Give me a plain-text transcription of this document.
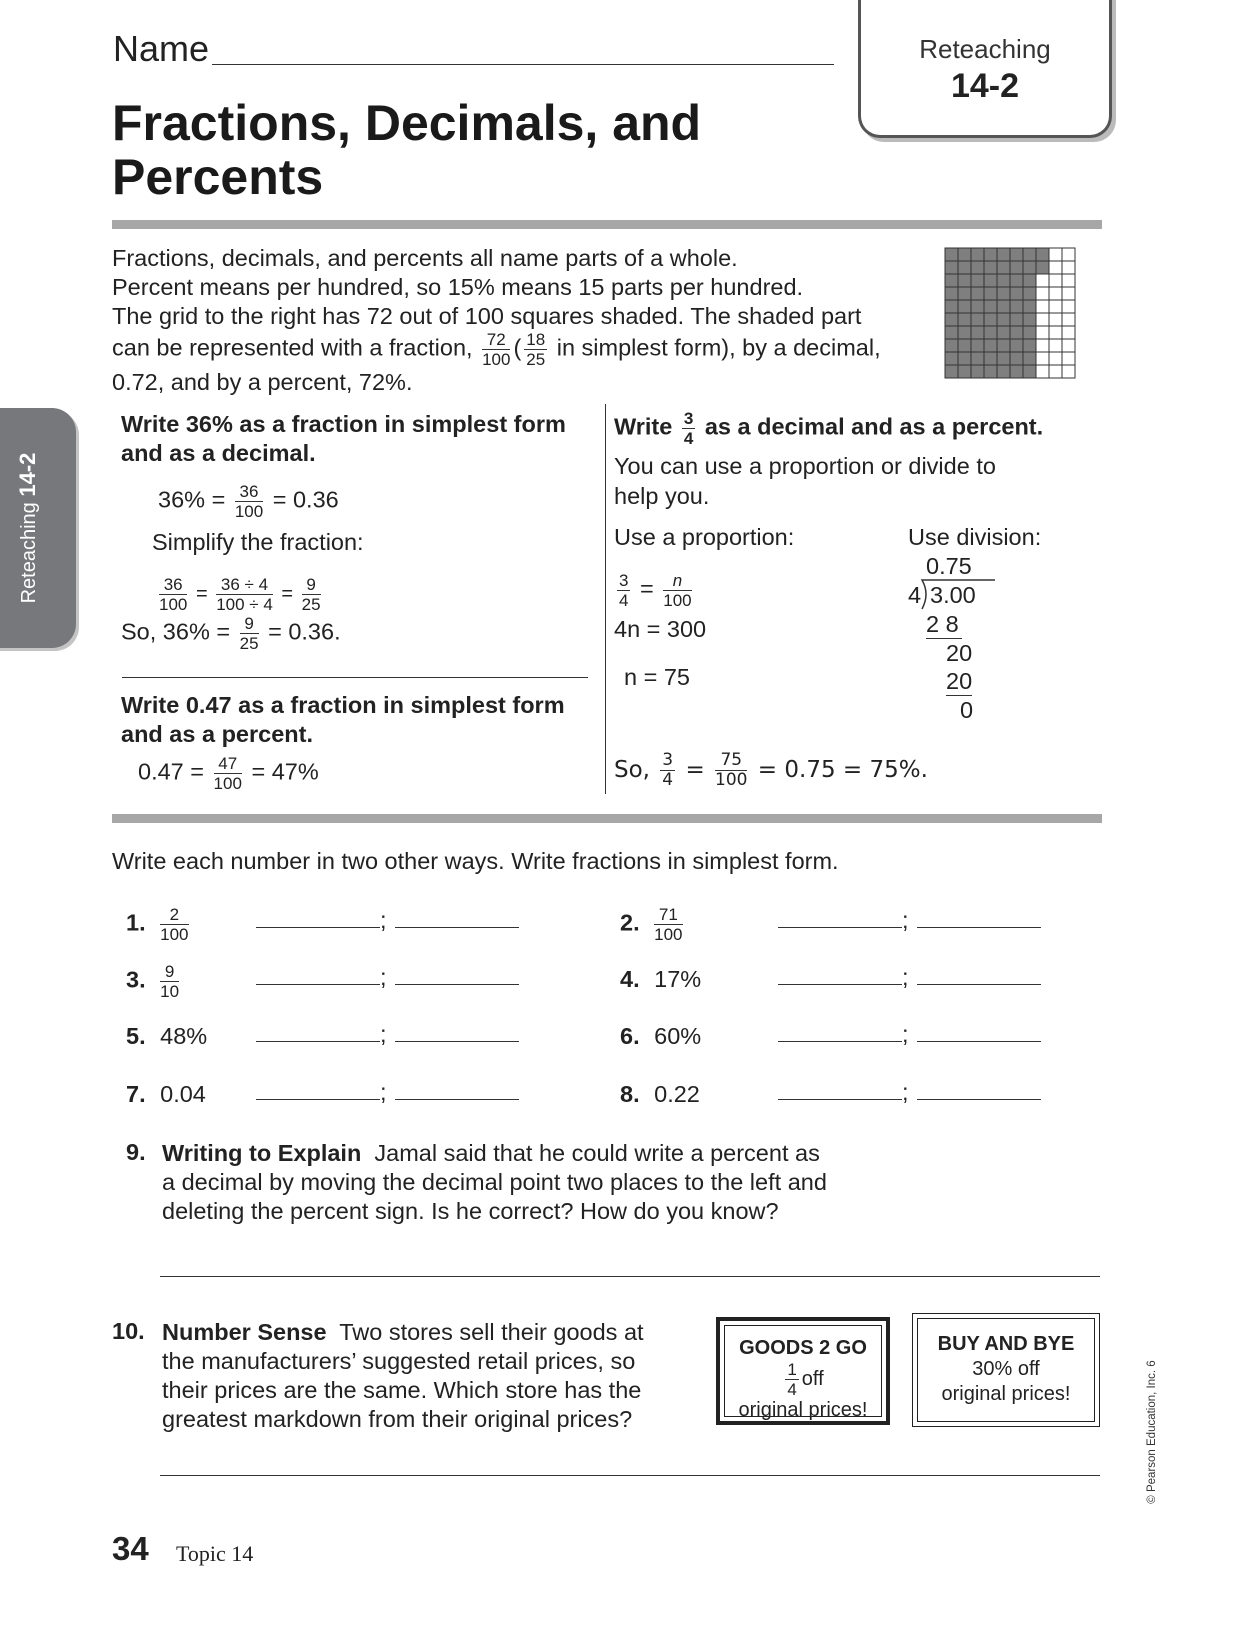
Name	Reteaching
14-2
Fractions, Decimals, and
Percents
Reteaching 14-2
Fractions, decimals, and percents all name parts of a whole.
Percent means per hundred, so 15% means 15 parts per hundred.
The grid to the right has 72 out of 100 squares shaded. The shaded part
can be represented with a fraction, $\frac{72}{100}$ ( $\frac{18}{25}$ in simplest form), by a decimal,
0.72, and by a percent, 72%.
Write 36% as a fraction in simplest form and as a decimal.
$36\% = \frac{36}{100} = 0.36$
Simplify the fraction:
$\frac{36}{100} = \frac{36 \div 4}{100 \div 4} = \frac{9}{25}$
So, $36\% = \frac{9}{25} = 0.36$.
Write 0.47 as a fraction in simplest form and as a percent.
$0.47 = \frac{47}{100} = 47\%$
Write $\frac{3}{4}$ as a decimal and as a percent.
You can use a proportion or divide to
help you.
Use a proportion:	Use division:
$\frac{3}{4} = \frac{n}{100}$
4n = 300
n = 75
0.75
4 3.00
2 8
20
20
0
So, $\frac{3}{4} = \frac{75}{100} = 0.75 = 75\%$.
Write each number in two other ways. Write fractions in simplest form.
1. $\frac{2}{100}$	;	2. $\frac{71}{100}$	;
3. $\frac{9}{10}$	;	4. 17%	;
5. 48%	;	6. 60%	;
7. 0.04	;	8. 0.22	;
9. Writing to Explain Jamal said that he could write a percent as
a decimal by moving the decimal point two places to the left and
deleting the percent sign. Is he correct? How do you know?
10. Number Sense Two stores sell their goods at
the manufacturers’ suggested retail prices, so
their prices are the same. Which store has the
greatest markdown from their original prices?
GOODS 2 GO
$\frac{1}{4}$ off
original prices!
BUY AND BYE
30% off
original prices!
34 Topic 14
© Pearson Education, Inc. 6
